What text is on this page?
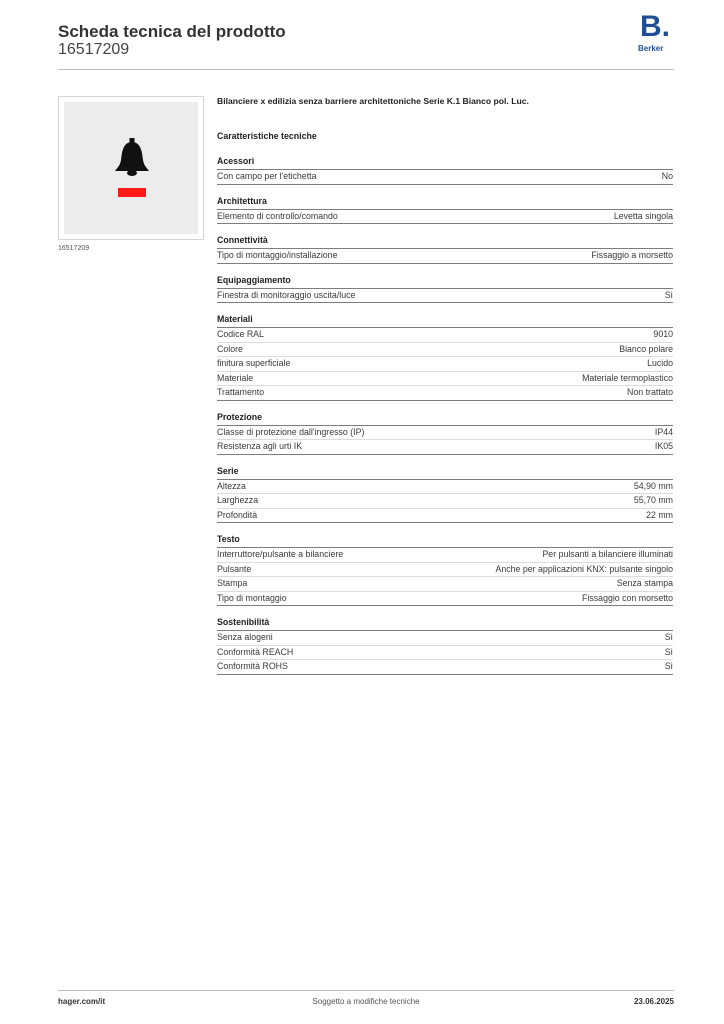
Scheda tecnica del prodotto
16517209
B.
Berker
16517209
Bilanciere x edilizia senza barriere architettoniche Serie K.1 Bianco pol. Luc.
Caratteristiche tecniche
Acessori
Con campo per l'etichetta	No
Architettura
Elemento di controllo/comando	Levetta singola
Connettività
Tipo di montaggio/installazione	Fissaggio a morsetto
Equipaggiamento
Finestra di monitoraggio uscita/luce	Sì
Materiali
Codice RAL	9010
Colore	Bianco polare
finitura superficiale	Lucido
Materiale	Materiale termoplastico
Trattamento	Non trattato
Protezione
Classe di protezione dall'ingresso (IP)	IP44
Resistenza agli urti IK	IK05
Serie
Altezza	54,90 mm
Larghezza	55,70 mm
Profondità	22 mm
Testo
Interruttore/pulsante a bilanciere	Per pulsanti a bilanciere illuminati
Pulsante	Anche per applicazioni KNX: pulsante singolo
Stampa	Senza stampa
Tipo di montaggio	Fissaggio con morsetto
Sostenibilità
Senza alogeni	Sì
Conformità REACH	Sì
Conformità ROHS	Sì
hager.com/it	Soggetto a modifiche tecniche	23.06.2025
